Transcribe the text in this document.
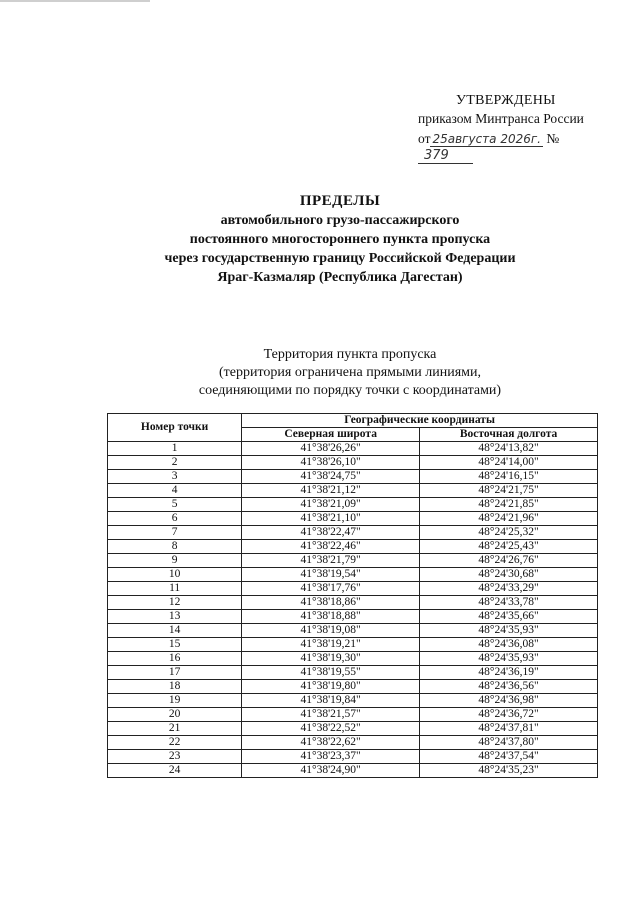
УТВЕРЖДЕНЫ
приказом Минтранса России
от 25августа 2026г. № 379
ПРЕДЕЛЫ
автомобильного грузо-пассажирского
постоянного многостороннего пункта пропуска
через государственную границу Российской Федерации
Яраг-Казмаляр (Республика Дагестан)
Территория пункта пропуска
(территория ограничена прямыми линиями,
соединяющими по порядку точки с координатами)
Номер точки	Географические координаты	
	Северная широта	Восточная долгота
1	41°38'26,26"	48°24'13,82"
2	41°38'26,10"	48°24'14,00"
3	41°38'24,75"	48°24'16,15"
4	41°38'21,12"	48°24'21,75"
5	41°38'21,09"	48°24'21,85"
6	41°38'21,10"	48°24'21,96"
7	41°38'22,47"	48°24'25,32"
8	41°38'22,46"	48°24'25,43"
9	41°38'21,79"	48°24'26,76"
10	41°38'19,54"	48°24'30,68"
11	41°38'17,76"	48°24'33,29"
12	41°38'18,86"	48°24'33,78"
13	41°38'18,88"	48°24'35,66"
14	41°38'19,08"	48°24'35,93"
15	41°38'19,21"	48°24'36,08"
16	41°38'19,30"	48°24'35,93"
17	41°38'19,55"	48°24'36,19"
18	41°38'19,80"	48°24'36,56"
19	41°38'19,84"	48°24'36,98"
20	41°38'21,57"	48°24'36,72"
21	41°38'22,52"	48°24'37,81"
22	41°38'22,62"	48°24'37,80"
23	41°38'23,37"	48°24'37,54"
24	41°38'24,90"	48°24'35,23"
